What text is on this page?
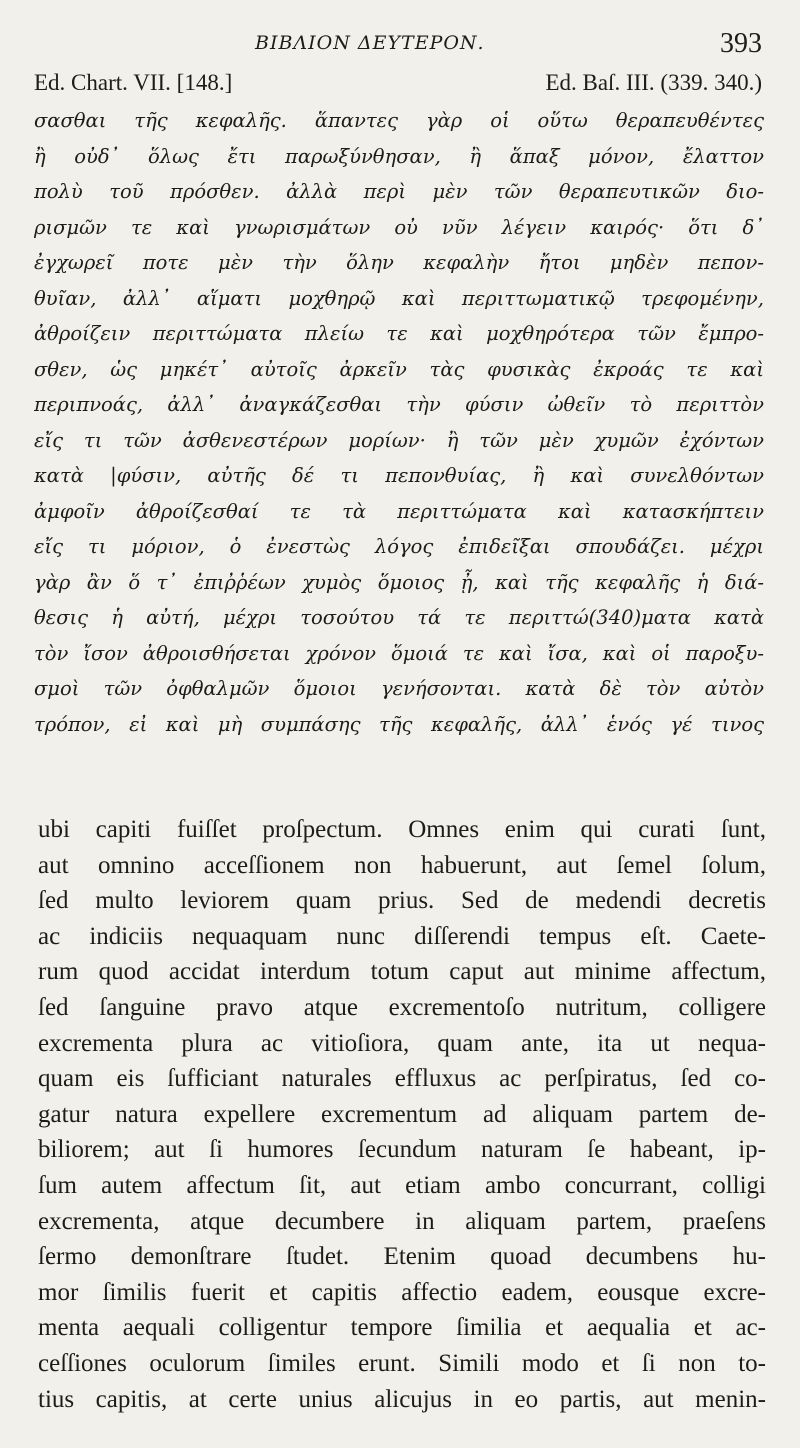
ΒΙΒΛΙΟΝ ΔΕΥΤΕΡΟΝ.	393
Ed. Chart. VII. [148.]	Ed. Baſ. III. (339. 340.)
σασθαι τῆς κεφαλῆς. ἅπαντες γὰρ οἱ οὕτω θεραπευθέντες
ἢ οὐδ᾽ ὅλως ἔτι παρωξύνθησαν, ἢ ἅπαξ μόνον, ἔλαττον
πολὺ τοῦ πρόσθεν. ἀλλὰ περὶ μὲν τῶν θεραπευτικῶν διο-
ρισμῶν τε καὶ γνωρισμάτων οὐ νῦν λέγειν καιρός· ὅτι δ᾽
ἐγχωρεῖ ποτε μὲν τὴν ὅλην κεφαλὴν ἤτοι μηδὲν πεπον-
θυῖαν, ἀλλ᾽ αἵματι μοχθηρῷ καὶ περιττωματικῷ τρεφομένην,
ἀθροίζειν περιττώματα πλείω τε καὶ μοχθηρότερα τῶν ἔμπρο-
σθεν, ὡς μηκέτ᾽ αὐτοῖς ἀρκεῖν τὰς φυσικὰς ἐκροάς τε καὶ
περιπνοάς, ἀλλ᾽ ἀναγκάζεσθαι τὴν φύσιν ὠθεῖν τὸ περιττὸν
εἴς τι τῶν ἀσθενεστέρων μορίων· ἢ τῶν μὲν χυμῶν ἐχόντων
κατὰ |φύσιν, αὐτῆς δέ τι πεπονθυίας, ἢ καὶ συνελθόντων
ἀμφοῖν ἀθροίζεσθαί τε τὰ περιττώματα καὶ κατασκήπτειν
εἴς τι μόριον, ὁ ἐνεστὼς λόγος ἐπιδεῖξαι σπουδάζει. μέχρι
γὰρ ἂν ὅ τ᾽ ἐπιῤῥέων χυμὸς ὅμοιος ᾖ, καὶ τῆς κεφαλῆς ἡ διά-
θεσις ἡ αὐτή, μέχρι τοσούτου τά τε περιττώ(340)ματα κατὰ
τὸν ἴσον ἀθροισθήσεται χρόνον ὅμοιά τε καὶ ἴσα, καὶ οἱ παροξυ-
σμοὶ τῶν ὀφθαλμῶν ὅμοιοι γενήσονται. κατὰ δὲ τὸν αὐτὸν
τρόπον, εἰ καὶ μὴ συμπάσης τῆς κεφαλῆς, ἀλλ᾽ ἑνός γέ τινος
ubi capiti fuiſſet proſpectum. Omnes enim qui curati ſunt,
aut omnino acceſſionem non habuerunt, aut ſemel ſolum,
ſed multo leviorem quam prius. Sed de medendi decretis
ac indiciis nequaquam nunc diſſerendi tempus eſt. Caete-
rum quod accidat interdum totum caput aut minime affectum,
ſed ſanguine pravo atque excrementoſo nutritum, colligere
excrementa plura ac vitioſiora, quam ante, ita ut nequa-
quam eis ſufficiant naturales effluxus ac perſpiratus, ſed co-
gatur natura expellere excrementum ad aliquam partem de-
biliorem; aut ſi humores ſecundum naturam ſe habeant, ip-
ſum autem affectum ſit, aut etiam ambo concurrant, colligi
excrementa, atque decumbere in aliquam partem, praeſens
ſermo demonſtrare ſtudet. Etenim quoad decumbens hu-
mor ſimilis fuerit et capitis affectio eadem, eousque excre-
menta aequali colligentur tempore ſimilia et aequalia et ac-
ceſſiones oculorum ſimiles erunt. Simili modo et ſi non to-
tius capitis, at certe unius alicujus in eo partis, aut menin-
